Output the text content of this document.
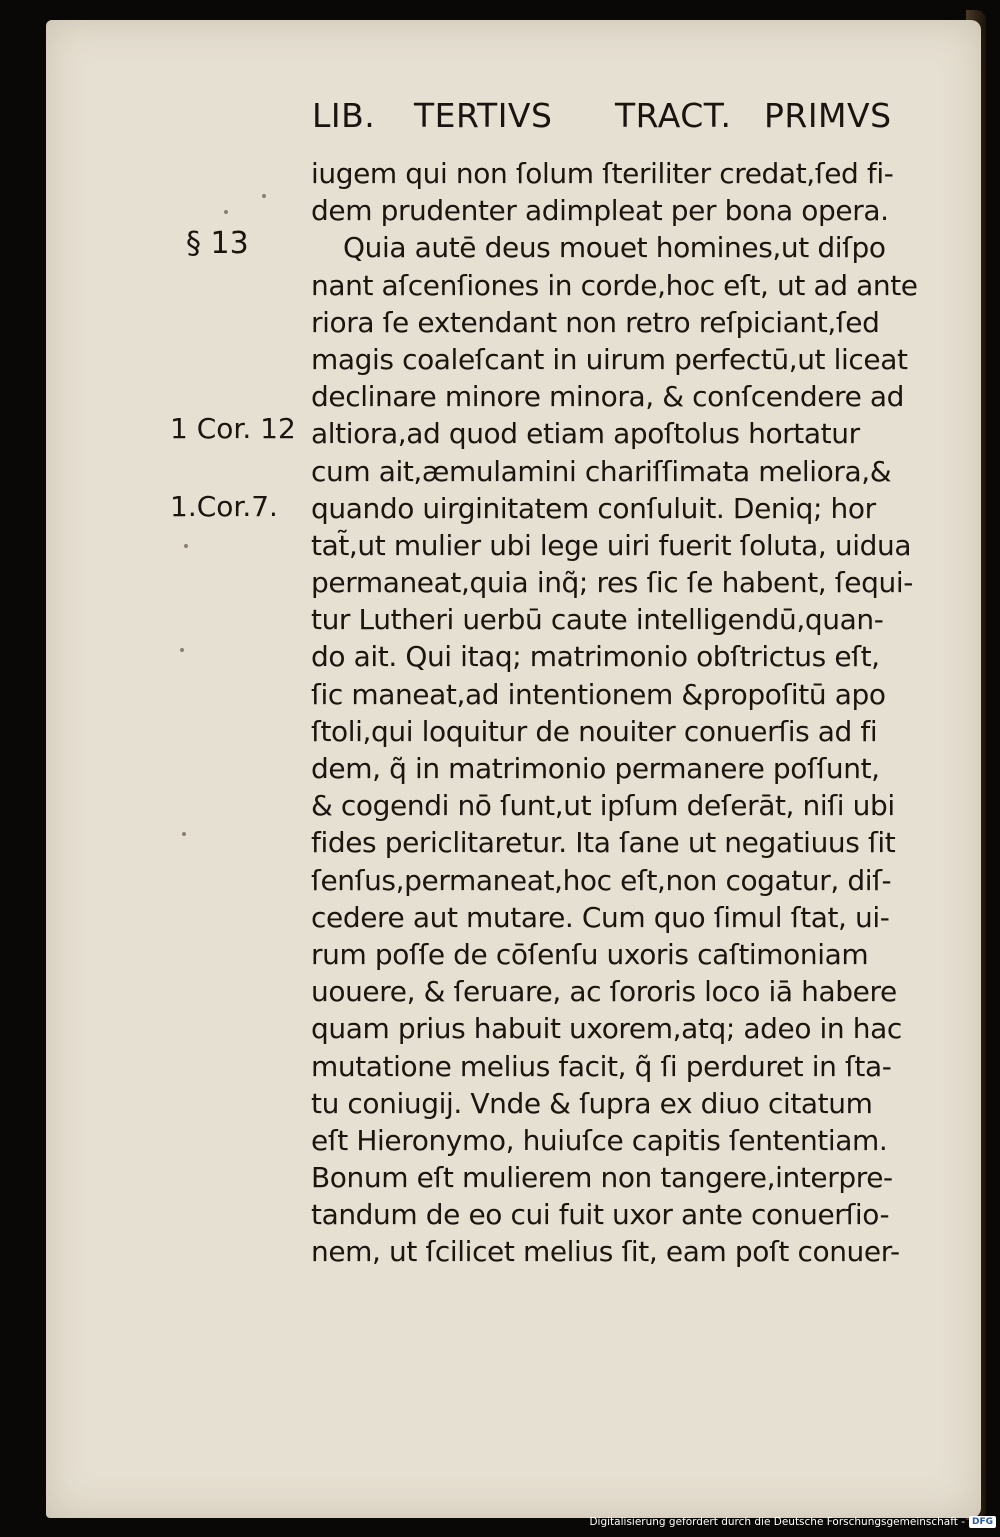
LIB. TERTIVS TRACT. PRIMVS
§ 13
1 Cor. 12
1.Cor.7.
iugem qui non ſolum ſteriliter credat,ſed fi-
dem prudenter adimpleat per bona opera.
Quia autē deus mouet homines,ut diſpo
nant aſcenſiones in corde,hoc eſt, ut ad ante
riora ſe extendant non retro reſpiciant,ſed
magis coaleſcant in uirum perfectū,ut liceat
declinare minore minora, & conſcendere ad
altiora,ad quod etiam apoſtolus hortatur
cum ait,æmulamini chariſſimata meliora,&
quando uirginitatem conſuluit. Deniq; hor
tat̃,ut mulier ubi lege uiri fuerit ſoluta, uidua
permaneat,quia inq̃; res ſic ſe habent, ſequi-
tur Lutheri uerbū caute intelligendū,quan-
do ait. Qui itaq; matrimonio obſtrictus eſt,
ſic maneat,ad intentionem &propoſitū apo
ſtoli,qui loquitur de nouiter conuerſis ad fi
dem, q̃ in matrimonio permanere poſſunt,
& cogendi nō ſunt,ut ipſum deſerāt, niſi ubi
fides periclitaretur. Ita ſane ut negatiuus ſit
ſenſus,permaneat,hoc eſt,non cogatur, diſ-
cedere aut mutare. Cum quo ſimul ſtat, ui-
rum poſſe de cōſenſu uxoris caſtimoniam
uouere, & ſeruare, ac ſororis loco iā habere
quam prius habuit uxorem,atq; adeo in hac
mutatione melius facit, q̃ ſi perduret in ſta-
tu coniugij. Vnde & ſupra ex diuo citatum
eſt Hieronymo, huiuſce capitis ſententiam.
Bonum eſt mulierem non tangere,interpre-
tandum de eo cui fuit uxor ante conuerſio-
nem, ut ſcilicet melius ſit, eam poſt conuer-
Digitalisierung gefördert durch die Deutsche Forschungsgemeinschaft - DFG
